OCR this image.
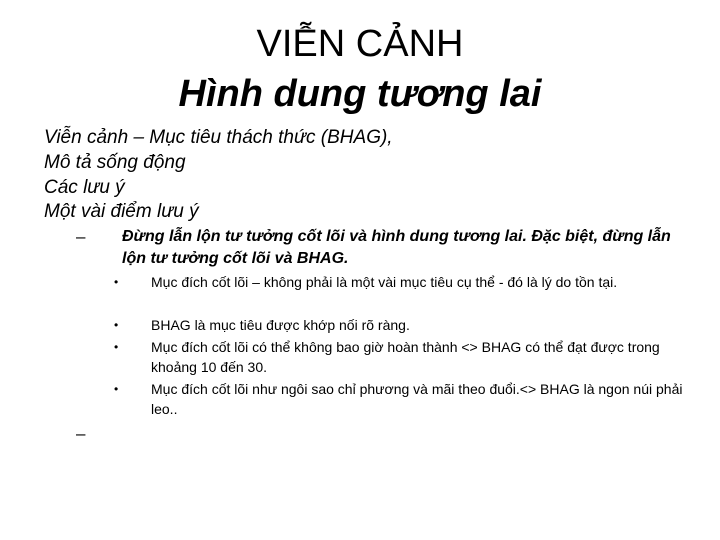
VIỄN CẢNH
Hình dung tương lai
Viễn cảnh – Mục tiêu thách thức (BHAG),
Mô tả sống động
Các lưu ý
Một vài điểm lưu ý
– Đừng lẫn lộn tư tưởng cốt lõi và hình dung tương lai. Đặc biệt, đừng lẫn lộn tư tưởng cốt lõi và BHAG.
• Mục đích cốt lõi – không phải là một vài mục tiêu cụ thể - đó là lý do tồn tại.
• BHAG là mục tiêu được khớp nối rõ ràng.
• Mục đích cốt lõi có thể không bao giờ hoàn thành <> BHAG có thể đạt được trong khoảng 10 đến 30.
• Mục đích cốt lõi như ngôi sao chỉ phương và mãi theo đuổi.<> BHAG là ngon núi phải leo..
–
